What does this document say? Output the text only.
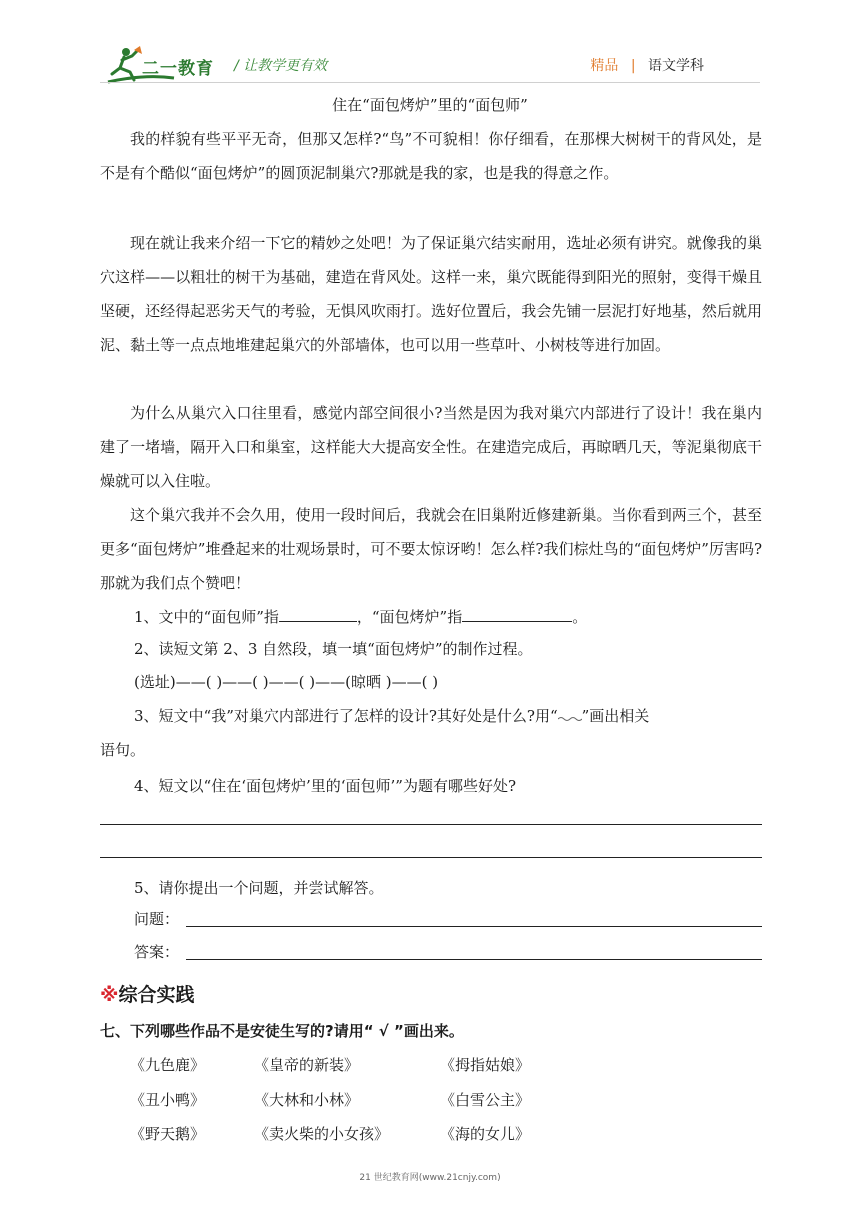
二一教育 / 让教学更有效	精品 | 语文学科
住在“面包烤炉”里的“面包师”

我的样貌有些平平无奇，但那又怎样?“鸟”不可貌相！你仔细看，在那棵大树树干的背风处，是不是有个酷似“面包烤炉”的圆顶泥制巢穴?那就是我的家，也是我的得意之作。

现在就让我来介绍一下它的精妙之处吧！为了保证巢穴结实耐用，选址必须有讲究。就像我的巢穴这样——以粗壮的树干为基础，建造在背风处。这样一来，巢穴既能得到阳光的照射，变得干燥且坚硬，还经得起恶劣天气的考验，无惧风吹雨打。选好位置后，我会先铺一层泥打好地基，然后就用泥、黏土等一点点地堆建起巢穴的外部墙体，也可以用一些草叶、小树枝等进行加固。

为什么从巢穴入口往里看，感觉内部空间很小?当然是因为我对巢穴内部进行了设计！我在巢内建了一堵墙，隔开入口和巢室，这样能大大提高安全性。在建造完成后，再晾晒几天，等泥巢彻底干燥就可以入住啦。

这个巢穴我并不会久用，使用一段时间后，我就会在旧巢附近修建新巢。当你看到两三个，甚至更多“面包烤炉”堆叠起来的壮观场景时，可不要太惊讶哟！怎么样?我们棕灶鸟的“面包烤炉”厉害吗?那就为我们点个赞吧！

1、文中的“面包师”指	，“面包烤炉”指	。
2、读短文第 2、3 自然段，填一填“面包烤炉”的制作过程。
(选址)——( )——( )——( )——(晾晒 )——( )
3、短文中“我”对巢穴内部进行了怎样的设计?其好处是什么?用“ ”画出相关
语句。
4、短文以“住在‘面包烤炉’里的‘面包师’”为题有哪些好处?
5、请你提出一个问题，并尝试解答。
问题：
答案：
※综合实践
七、下列哪些作品不是安徒生写的?请用“ √ ”画出来。
《九色鹿》	《皇帝的新装》	《拇指姑娘》
《丑小鸭》	《大林和小林》	《白雪公主》
《野天鹅》	《卖火柴的小女孩》	《海的女儿》
21 世纪教育网(www.21cnjy.com)
